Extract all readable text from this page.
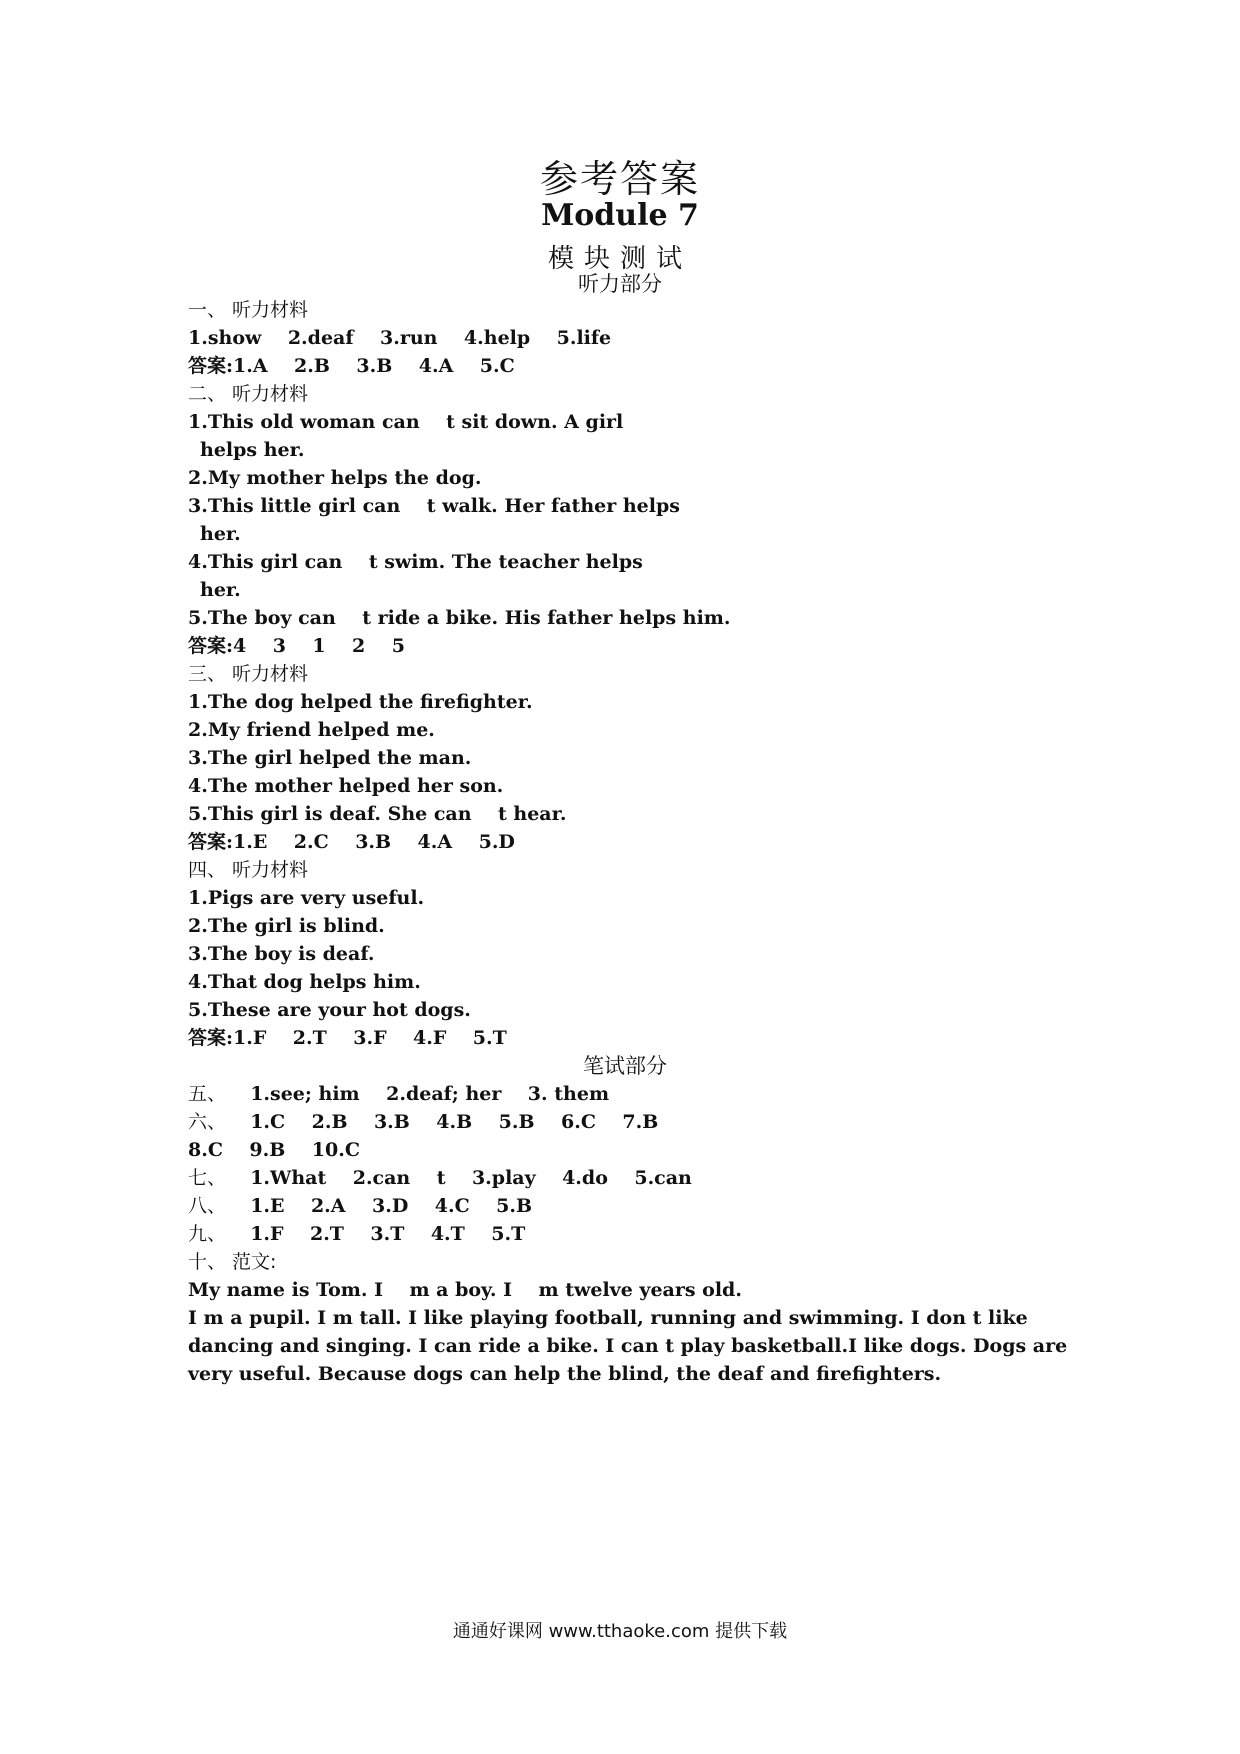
参考答案
Module 7
模块测试
听力部分
一、 听力材料
1.show    2.deaf    3.run    4.help    5.life
答案:1.A    2.B    3.B    4.A    5.C
二、 听力材料
1.This old woman can    t sit down. A girl
helps her.
2.My mother helps the dog.
3.This little girl can    t walk. Her father helps
her.
4.This girl can    t swim. The teacher helps
her.
5.The boy can    t ride a bike. His father helps him.
答案:4    3    1    2    5
三、 听力材料
1.The dog helped the firefighter.
2.My friend helped me.
3.The girl helped the man.
4.The mother helped her son.
5.This girl is deaf. She can    t hear.
答案:1.E    2.C    3.B    4.A    5.D
四、 听力材料
1.Pigs are very useful.
2.The girl is blind.
3.The boy is deaf.
4.That dog helps him.
5.These are your hot dogs.
答案:1.F    2.T    3.F    4.F    5.T
笔试部分
五、 1.see; him    2.deaf; her    3. them
六、 1.C    2.B    3.B    4.B    5.B    6.C    7.B
8.C    9.B    10.C
七、 1.What    2.can    t    3.play    4.do    5.can
八、 1.E    2.A    3.D    4.C    5.B
九、 1.F    2.T    3.T    4.T    5.T
十、 范文:
My name is Tom. I    m a boy. I    m twelve years old.
I m a pupil. I m tall. I like playing football, running and swimming. I don t like dancing and singing. I can ride a bike. I can t play basketball.I like dogs. Dogs are very useful. Because dogs can help the blind, the deaf and firefighters.
通通好课网 www.tthaoke.com 提供下载
